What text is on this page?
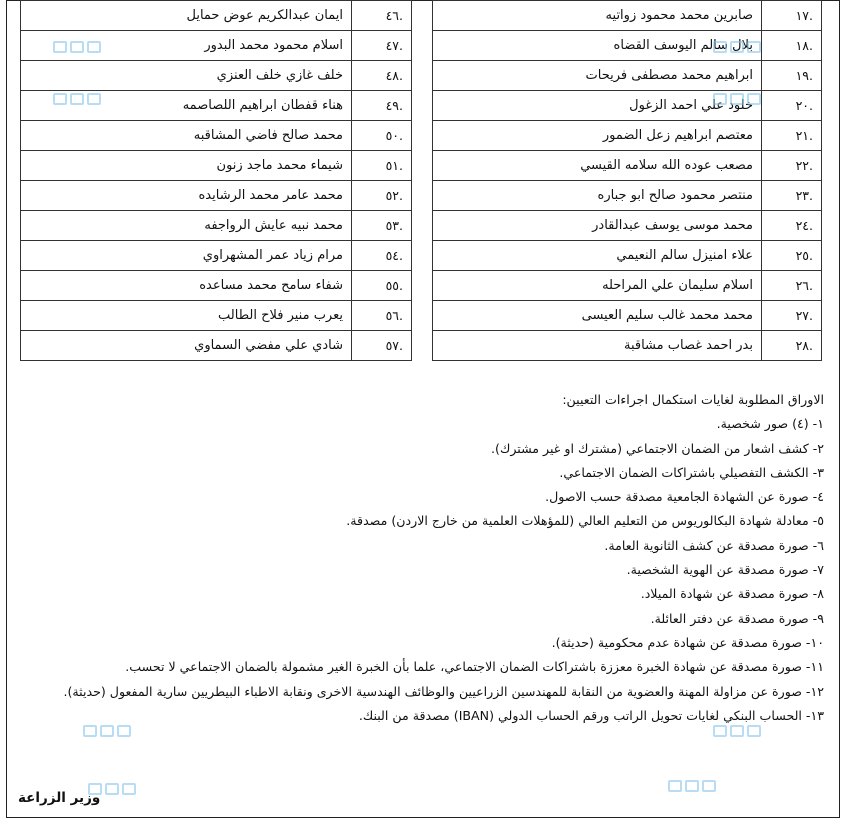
.١٧	صابرين محمد محمود زواتيه
.١٨	بلال سالم اليوسف القضاه
.١٩	ابراهيم محمد مصطفى فريحات
.٢٠	خلود علي احمد الزغول
.٢١	معتصم ابراهيم زعل الضمور
.٢٢	مصعب عوده الله سلامه القيسي
.٢٣	منتصر محمود صالح ابو جباره
.٢٤	محمد موسى يوسف عبدالقادر
.٢٥	علاء امنيزل سالم النعيمي
.٢٦	اسلام سليمان علي المراحله
.٢٧	محمد محمد غالب سليم العيسى
.٢٨	بدر احمد غصاب مشاقبة
.٤٦	ايمان عبدالكريم عوض حمايل
.٤٧	اسلام محمود محمد البدور
.٤٨	خلف غازي خلف العنزي
.٤٩	هناء قفطان ابراهيم اللصاصمه
.٥٠	محمد صالح فاضي المشاقبه
.٥١	شيماء محمد ماجد زنون
.٥٢	محمد عامر محمد الرشايده
.٥٣	محمد نبيه عايش الرواجفه
.٥٤	مرام زياد عمر المشهراوي
.٥٥	شفاء سامح محمد مساعده
.٥٦	يعرب منير فلاح الطالب
.٥٧	شادي علي مفضي السماوي

الاوراق المطلوبة لغايات استكمال اجراءات التعيين:

١- (٤) صور شخصية.

٢- كشف اشعار من الضمان الاجتماعي (مشترك او غير مشترك).

٣- الكشف التفصيلي باشتراكات الضمان الاجتماعي.

٤- صورة عن الشهادة الجامعية مصدقة حسب الاصول.

٥- معادلة شهادة البكالوريوس من التعليم العالي (للمؤهلات العلمية من خارج الاردن) مصدقة.

٦- صورة مصدقة عن كشف الثانوية العامة.

٧- صورة مصدقة عن الهوية الشخصية.

٨- صورة مصدقة عن شهادة الميلاد.

٩- صورة مصدقة عن دفتر العائلة.

١٠- صورة مصدقة عن شهادة عدم محكومية (حديثة).

١١- صورة مصدقة عن شهادة الخبرة معززة باشتراكات الضمان الاجتماعي، علما بأن الخبرة الغير مشمولة بالضمان الاجتماعي لا تحسب.

١٢- صورة عن مزاولة المهنة والعضوية من النقابة للمهندسين الزراعيين والوظائف الهندسية الاخرى ونقابة الاطباء البيطريين سارية المفعول (حديثة).

١٣- الحساب البنكي لغايات تحويل الراتب ورقم الحساب الدولي (IBAN) مصدقة من البنك.

وزير الزراعة
